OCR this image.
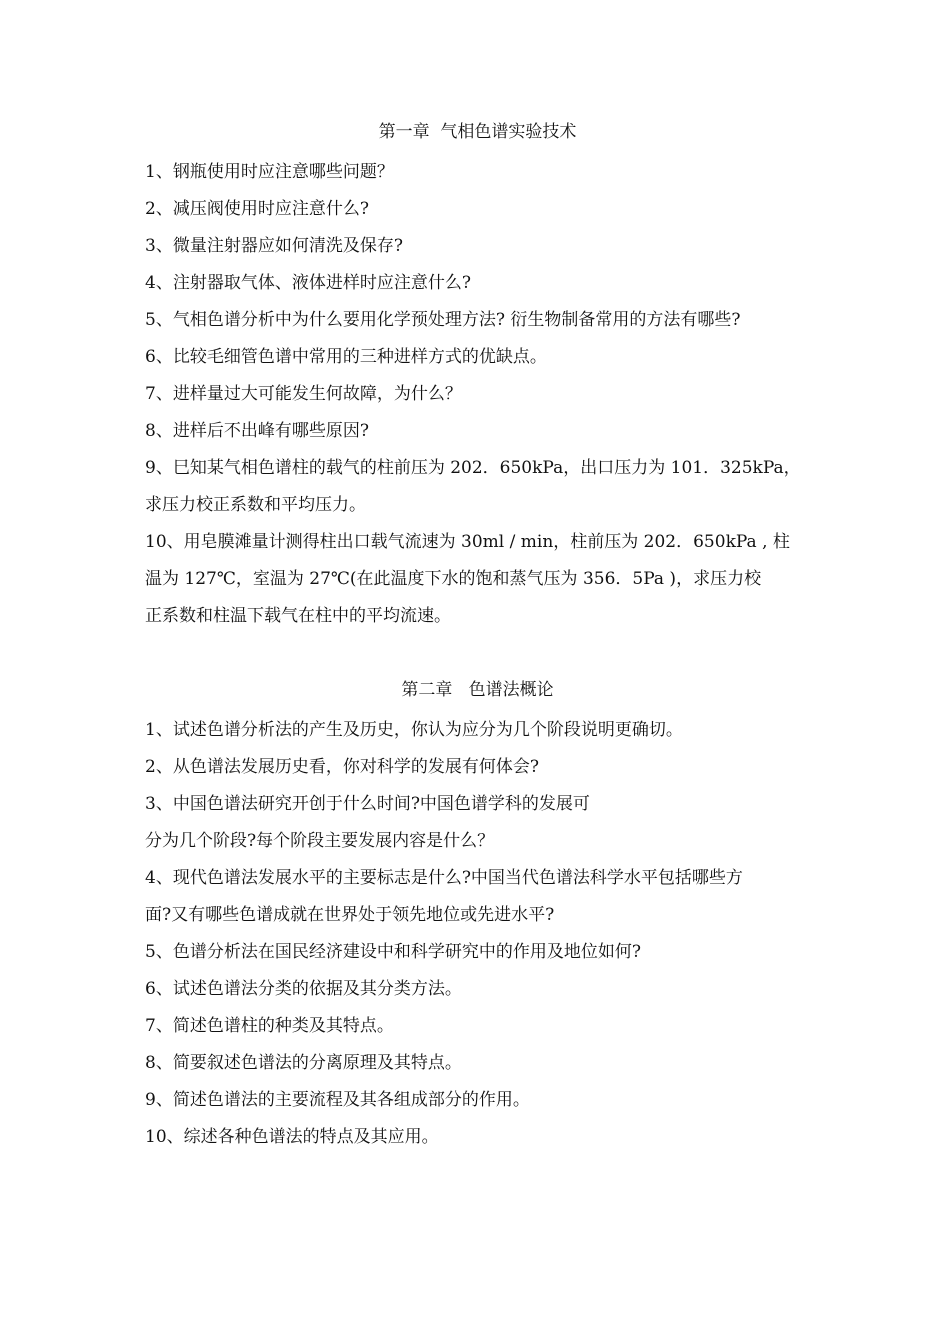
第一章  气相色谱实验技术
1、钢瓶使用时应注意哪些问题？
2、减压阀使用时应注意什么?
3、微量注射器应如何清洗及保存?
4、注射器取气体、液体进样时应注意什么?
5、气相色谱分析中为什么要用化学预处理方法? 衍生物制备常用的方法有哪些?
6、比较毛细管色谱中常用的三种进样方式的优缺点。
7、进样量过大可能发生何故障，为什么？
8、进样后不出峰有哪些原因?
9、巳知某气相色谱柱的载气的柱前压为 202．650kPa，出口压力为 101．325kPa，
求压力校正系数和平均压力。
10、用皂膜滩量计测得柱出口载气流速为 30ml / min，柱前压为 202．650kPa , 柱
温为 127℃，室温为 27℃(在此温度下水的饱和蒸气压为 356．5Pa )，求压力校
正系数和柱温下载气在柱中的平均流速。
第二章   色谱法概论
1、试述色谱分析法的产生及历史，你认为应分为几个阶段说明更确切。
2、从色谱法发展历史看，你对科学的发展有何体会?
3、中国色谱法研究开创于什么时间?中国色谱学科的发展可
分为几个阶段?每个阶段主要发展内容是什么？
4、现代色谱法发展水平的主要标志是什么?中国当代色谱法科学水平包括哪些方
面?又有哪些色谱成就在世界处于领先地位或先进水平?
5、色谱分析法在国民经济建设中和科学研究中的作用及地位如何?
6、试述色谱法分类的依据及其分类方法。
7、简述色谱柱的种类及其特点。
8、简要叙述色谱法的分离原理及其特点。
9、简述色谱法的主要流程及其各组成部分的作用。
10、综述各种色谱法的特点及其应用。
